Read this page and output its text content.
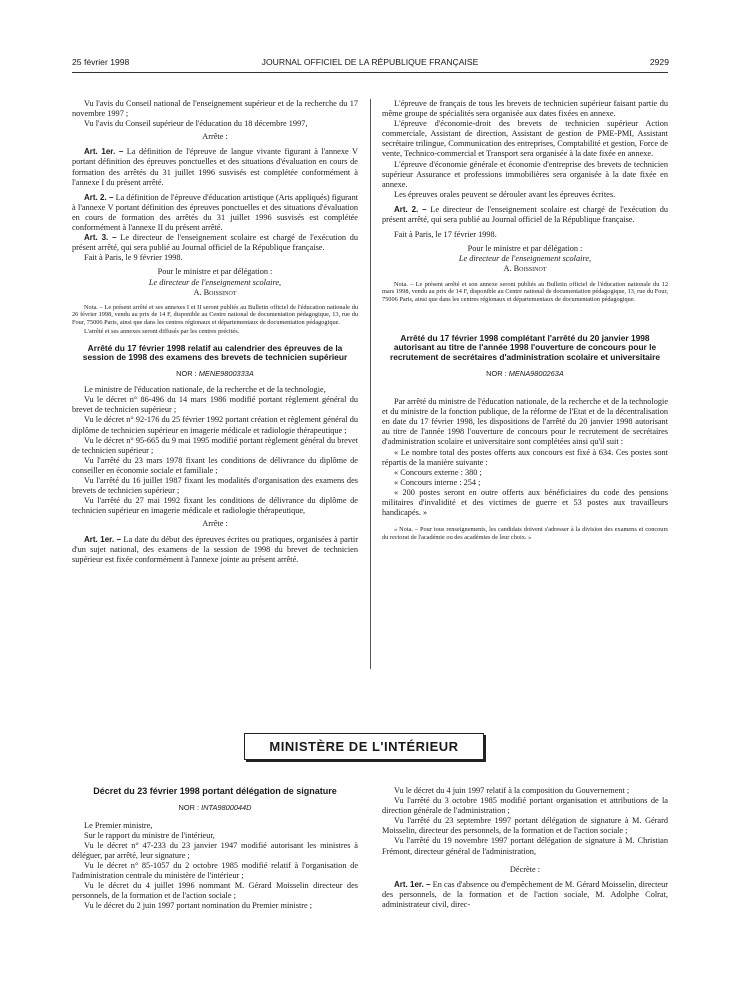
25 février 1998	JOURNAL OFFICIEL DE LA RÉPUBLIQUE FRANÇAISE	2929

Vu l'avis du Conseil national de l'enseignement supérieur et de la recherche du 17 novembre 1997 ;

Vu l'avis du Conseil supérieur de l'éducation du 18 décembre 1997,

Arrête :

Art. 1er. – La définition de l'épreuve de langue vivante figurant à l'annexe V portant définition des épreuves ponctuelles et des situations d'évaluation en cours de formation des arrêtés du 31 juillet 1996 susvisés est complétée conformément à l'annexe I du présent arrêté.

Art. 2. – La définition de l'épreuve d'éducation artistique (Arts appliqués) figurant à l'annexe V portant définition des épreuves ponctuelles et des situations d'évaluation en cours de formation des arrêtés du 31 juillet 1996 susvisés est complétée conformément à l'annexe II du présent arrêté.

Art. 3. – Le directeur de l'enseignement scolaire est chargé de l'exécution du présent arrêté, qui sera publié au Journal officiel de la République française.

Fait à Paris, le 9 février 1998.

Pour le ministre et par délégation :

Le directeur de l'enseignement scolaire,

A. Boissinot

Nota. – Le présent arrêté et ses annexes I et II seront publiés au Bulletin officiel de l'éducation nationale du 26 février 1998, vendu au prix de 14 F, disponible au Centre national de documentation pédagogique, 13, rue du Four, 75006 Paris, ainsi que dans les centres régionaux et départementaux de documentation pédagogique.

L'arrêté et ses annexes seront diffusés par les centres précités.

Arrêté du 17 février 1998 relatif au calendrier des épreuves de la session de 1998 des examens des brevets de technicien supérieur
NOR : MENE9800333A

Le ministre de l'éducation nationale, de la recherche et de la technologie,

Vu le décret n° 86-496 du 14 mars 1986 modifié portant règlement général du brevet de technicien supérieur ;

Vu le décret n° 92-176 du 25 février 1992 portant création et règlement général du diplôme de technicien supérieur en imagerie médicale et radiologie thérapeutique ;

Vu le décret n° 95-665 du 9 mai 1995 modifié portant règlement général du brevet de technicien supérieur ;

Vu l'arrêté du 23 mars 1978 fixant les conditions de délivrance du diplôme de conseiller en économie sociale et familiale ;

Vu l'arrêté du 16 juillet 1987 fixant les modalités d'organisation des examens des brevets de technicien supérieur ;

Vu l'arrêté du 27 mai 1992 fixant les conditions de délivrance du diplôme de technicien supérieur en imagerie médicale et radiologie thérapeutique,

Arrête :

Art. 1er. – La date du début des épreuves écrites ou pratiques, organisées à partir d'un sujet national, des examens de la session de 1998 du brevet de technicien supérieur est fixée conformément à l'annexe jointe au présent arrêté.

L'épreuve de français de tous les brevets de technicien supérieur faisant partie du même groupe de spécialités sera organisée aux dates fixées en annexe.

L'épreuve d'économie-droit des brevets de technicien supérieur Action commerciale, Assistant de direction, Assistant de gestion de PME-PMI, Assistant secrétaire trilingue, Communication des entreprises, Comptabilité et gestion, Force de vente, Technico-commercial et Transport sera organisée à la date fixée en annexe.

L'épreuve d'économie générale et économie d'entreprise des brevets de technicien supérieur Assurance et professions immobilières sera organisée à la date fixée en annexe.

Les épreuves orales peuvent se dérouler avant les épreuves écrites.

Art. 2. – Le directeur de l'enseignement scolaire est chargé de l'exécution du présent arrêté, qui sera publié au Journal officiel de la République française.

Fait à Paris, le 17 février 1998.

Pour le ministre et par délégation :

Le directeur de l'enseignement scolaire,

A. Boissinot

Nota. – Le présent arrêté et son annexe seront publiés au Bulletin officiel de l'éducation nationale du 12 mars 1998, vendu au prix de 14 F, disponible au Centre national de documentation pédagogique, 13, rue du Four, 75006 Paris, ainsi que dans les centres régionaux et départementaux de documentation pédagogique.

Arrêté du 17 février 1998 complétant l'arrêté du 20 janvier 1998 autorisant au titre de l'année 1998 l'ouverture de concours pour le recrutement de secrétaires d'administration scolaire et universitaire
NOR : MENA9800263A

Par arrêté du ministre de l'éducation nationale, de la recherche et de la technologie et du ministre de la fonction publique, de la réforme de l'Etat et de la décentralisation en date du 17 février 1998, les dispositions de l'arrêté du 20 janvier 1998 autorisant au titre de l'année 1998 l'ouverture de concours pour le recrutement de secrétaires d'administration scolaire et universitaire sont complétées ainsi qu'il suit :

« Le nombre total des postes offerts aux concours est fixé à 634. Ces postes sont répartis de la manière suivante :

« Concours externe : 380 ;

« Concours interne : 254 ;

« 200 postes seront en outre offerts aux bénéficiaires du code des pensions militaires d'invalidité et des victimes de guerre et 53 postes aux travailleurs handicapés. »

« Nota. – Pour tous renseignements, les candidats doivent s'adresser à la division des examens et concours du rectorat de l'académie ou des académies de leur choix. »

MINISTÈRE DE L'INTÉRIEUR
Décret du 23 février 1998 portant délégation de signature
NOR : INTA9800044D

Le Premier ministre,

Sur le rapport du ministre de l'intérieur,

Vu le décret n° 47-233 du 23 janvier 1947 modifié autorisant les ministres à déléguer, par arrêté, leur signature ;

Vu le décret n° 85-1057 du 2 octobre 1985 modifié relatif à l'organisation de l'administration centrale du ministère de l'intérieur ;

Vu le décret du 4 juillet 1996 nommant M. Gérard Moisselin directeur des personnels, de la formation et de l'action sociale ;

Vu le décret du 2 juin 1997 portant nomination du Premier ministre ;

Vu le décret du 4 juin 1997 relatif à la composition du Gouvernement ;

Vu l'arrêté du 3 octobre 1985 modifié portant organisation et attributions de la direction générale de l'administration ;

Vu l'arrêté du 23 septembre 1997 portant délégation de signature à M. Gérard Moisselin, directeur des personnels, de la formation et de l'action sociale ;

Vu l'arrêté du 19 novembre 1997 portant délégation de signature à M. Christian Frémont, directeur général de l'administration,

Décrète :

Art. 1er. – En cas d'absence ou d'empêchement de M. Gérard Moisselin, directeur des personnels, de la formation et de l'action sociale, M. Adolphe Colrat, administrateur civil, direc-
